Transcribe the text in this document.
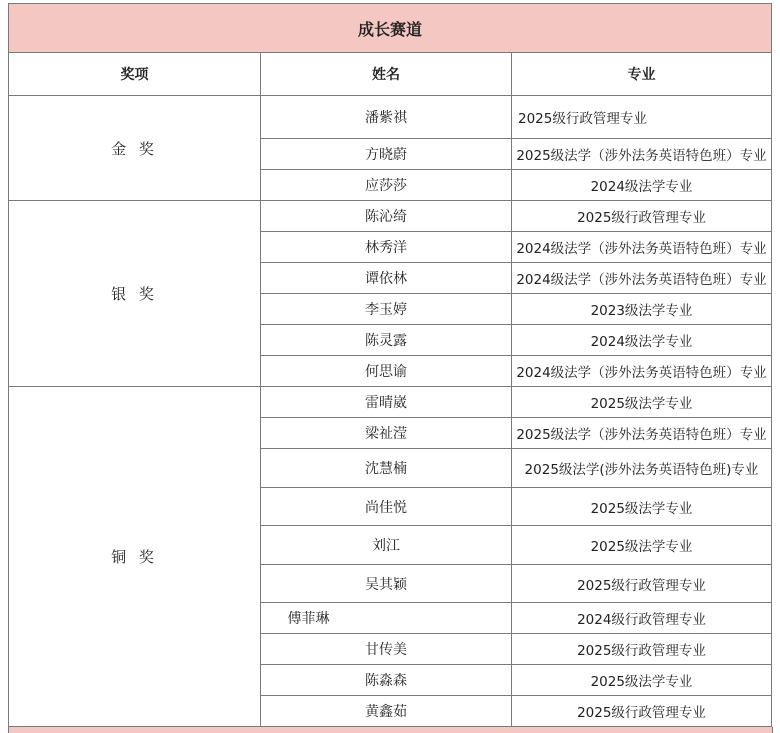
成长赛道		
奖项	姓名	专业
金 奖	潘紫祺	2025级行政管理专业
	方晓蔚	2025级法学（涉外法务英语特色班）专业
	应莎莎	2024级法学专业
银 奖	陈沁绮	2025级行政管理专业
	林秀洋	2024级法学（涉外法务英语特色班）专业
	谭依林	2024级法学（涉外法务英语特色班）专业
	李玉婷	2023级法学专业
	陈灵露	2024级法学专业
	何思谕	2024级法学（涉外法务英语特色班）专业
铜 奖	雷晴崴	2025级法学专业
	梁祉滢	2025级法学（涉外法务英语特色班）专业
	沈慧楠	2025级法学(涉外法务英语特色班)专业
	尚佳悦	2025级法学专业
	刘江	2025级法学专业
	吴其颖	2025级行政管理专业
	傅菲琳	2024级行政管理专业
	甘传美	2025级行政管理专业
	陈淼森	2025级法学专业
	黄鑫茹	2025级行政管理专业
